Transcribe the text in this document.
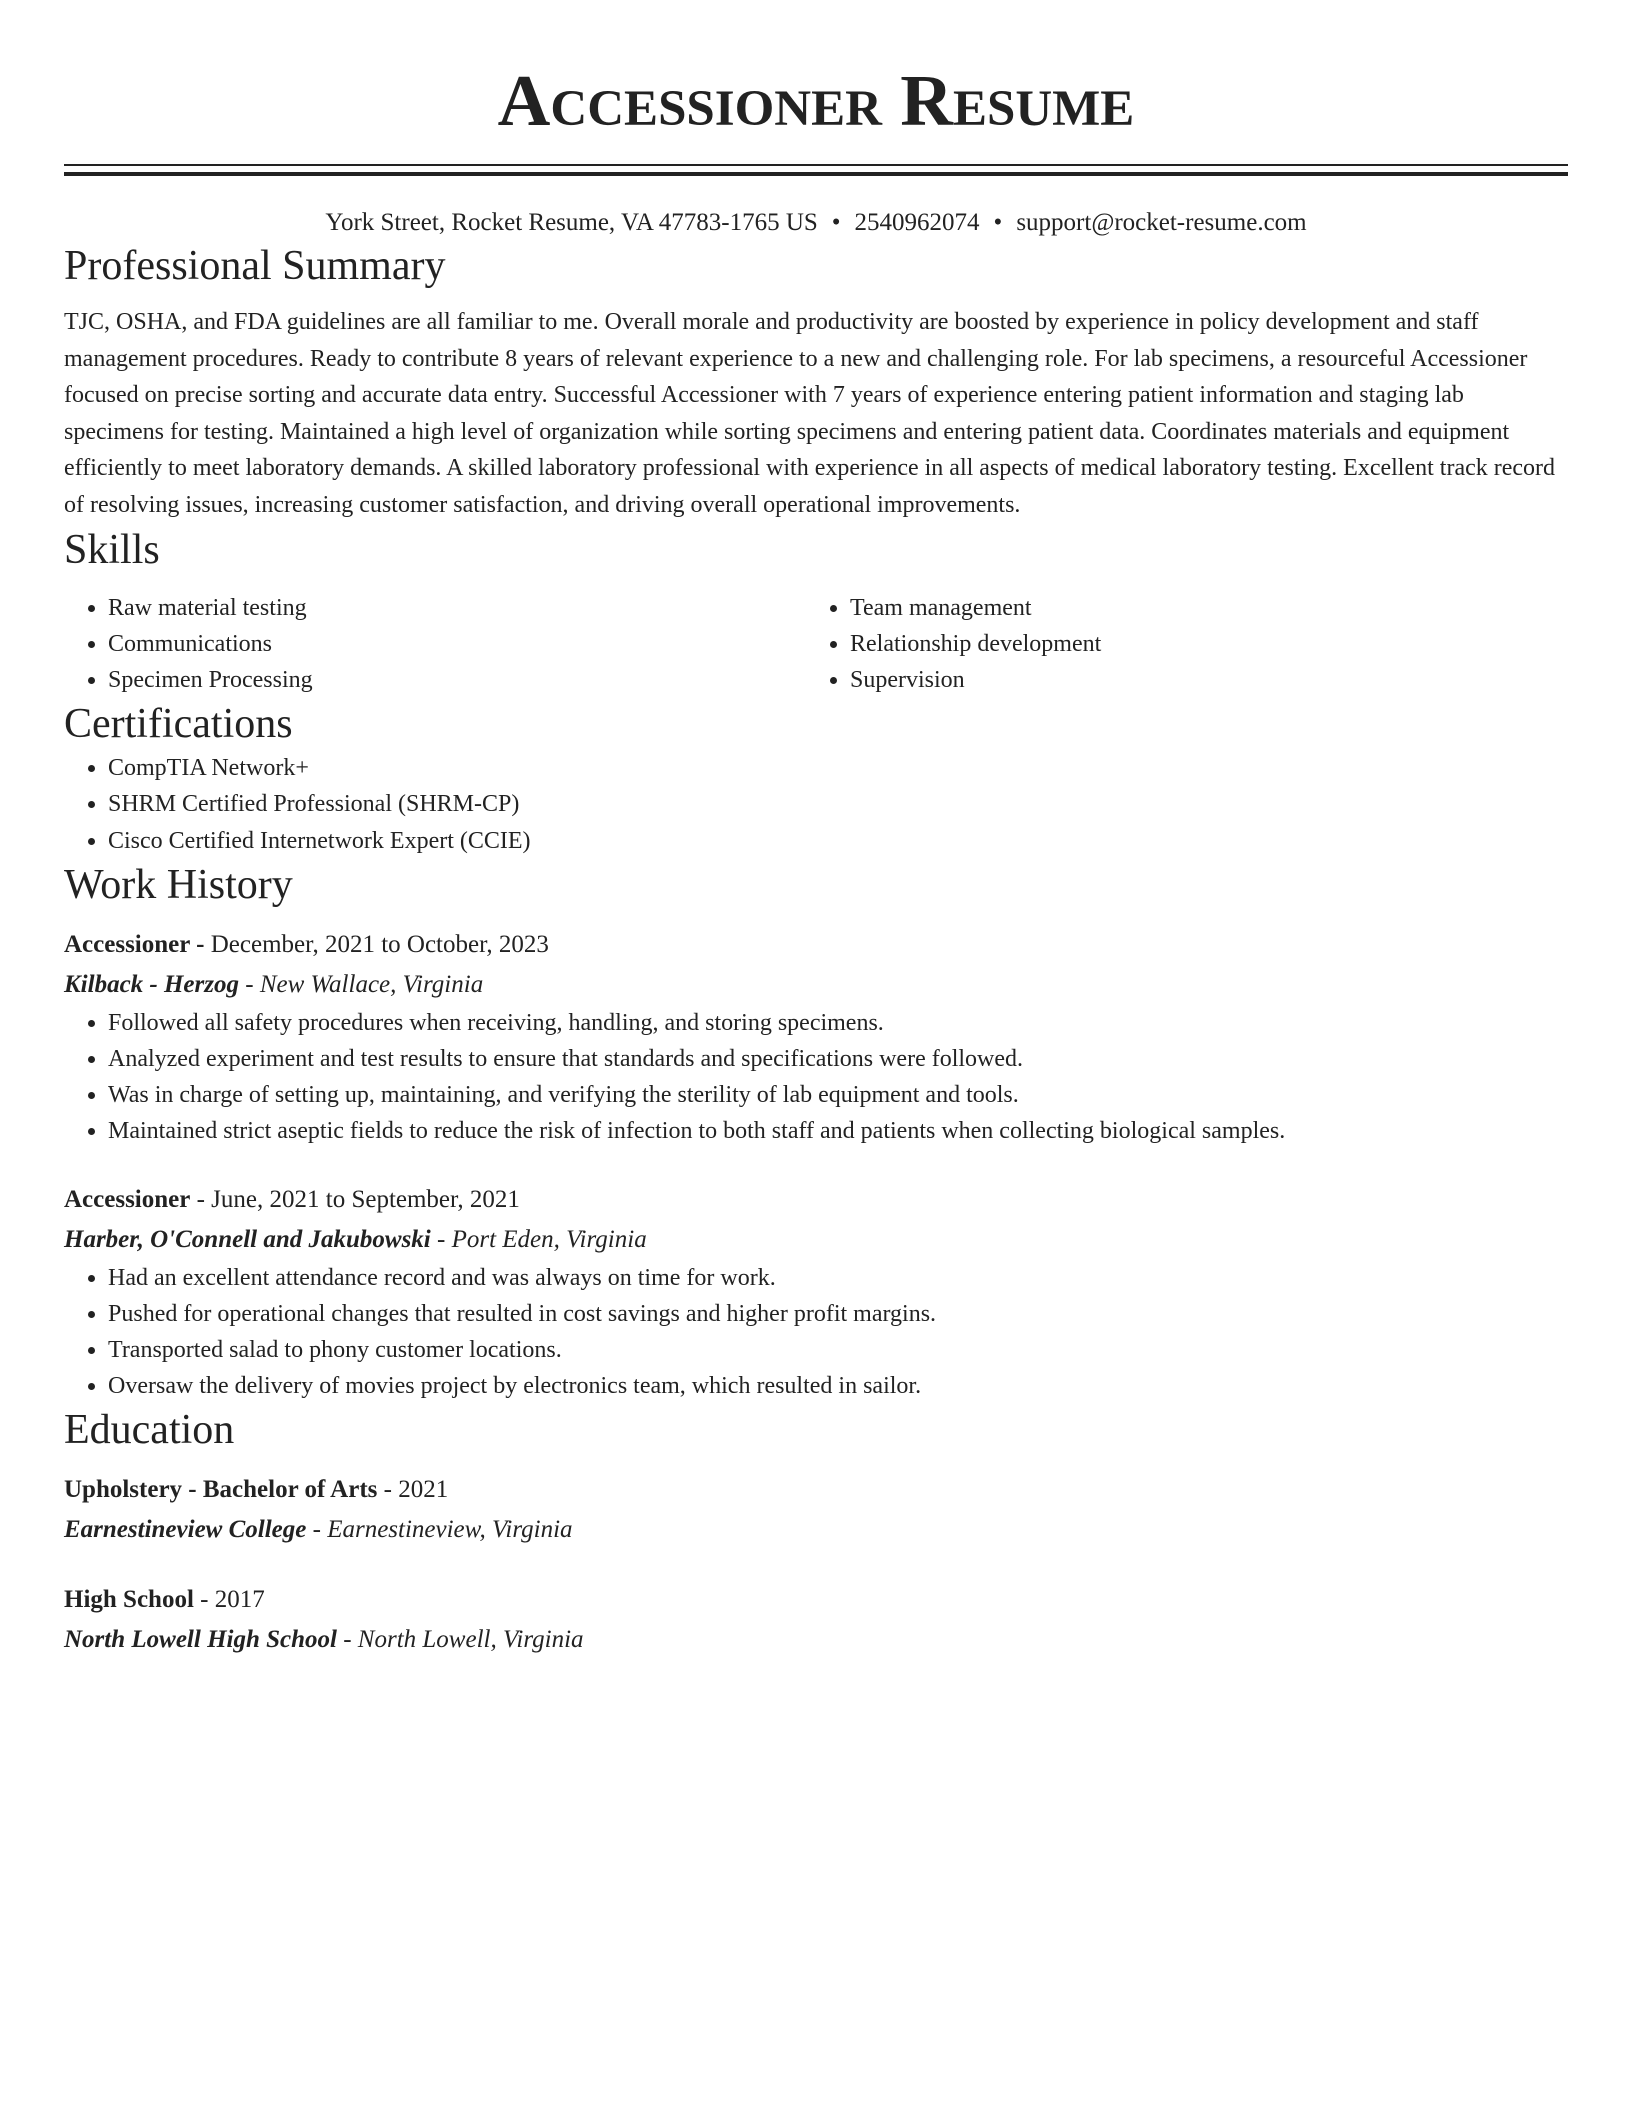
Accessioner Resume
York Street, Rocket Resume, VA 47783-1765 US • 2540962074 • support@rocket-resume.com
Professional Summary

TJC, OSHA, and FDA guidelines are all familiar to me. Overall morale and productivity are boosted by experience in policy development and staff management procedures. Ready to contribute 8 years of relevant experience to a new and challenging role. For lab specimens, a resourceful Accessioner focused on precise sorting and accurate data entry. Successful Accessioner with 7 years of experience entering patient information and staging lab specimens for testing. Maintained a high level of organization while sorting specimens and entering patient data. Coordinates materials and equipment efficiently to meet laboratory demands. A skilled laboratory professional with experience in all aspects of medical laboratory testing. Excellent track record of resolving issues, increasing customer satisfaction, and driving overall operational improvements.

Skills
• Raw material testing
• Communications
• Specimen Processing
• Team management
• Relationship development
• Supervision
Certifications
• CompTIA Network+
• SHRM Certified Professional (SHRM-CP)
• Cisco Certified Internetwork Expert (CCIE)
Work History
Accessioner - December, 2021 to October, 2023
Kilback - Herzog - New Wallace, Virginia
• Followed all safety procedures when receiving, handling, and storing specimens.
• Analyzed experiment and test results to ensure that standards and specifications were followed.
• Was in charge of setting up, maintaining, and verifying the sterility of lab equipment and tools.
• Maintained strict aseptic fields to reduce the risk of infection to both staff and patients when collecting biological samples.
Accessioner - June, 2021 to September, 2021
Harber, O'Connell and Jakubowski - Port Eden, Virginia
• Had an excellent attendance record and was always on time for work.
• Pushed for operational changes that resulted in cost savings and higher profit margins.
• Transported salad to phony customer locations.
• Oversaw the delivery of movies project by electronics team, which resulted in sailor.
Education
Upholstery - Bachelor of Arts - 2021
Earnestineview College - Earnestineview, Virginia
High School - 2017
North Lowell High School - North Lowell, Virginia
